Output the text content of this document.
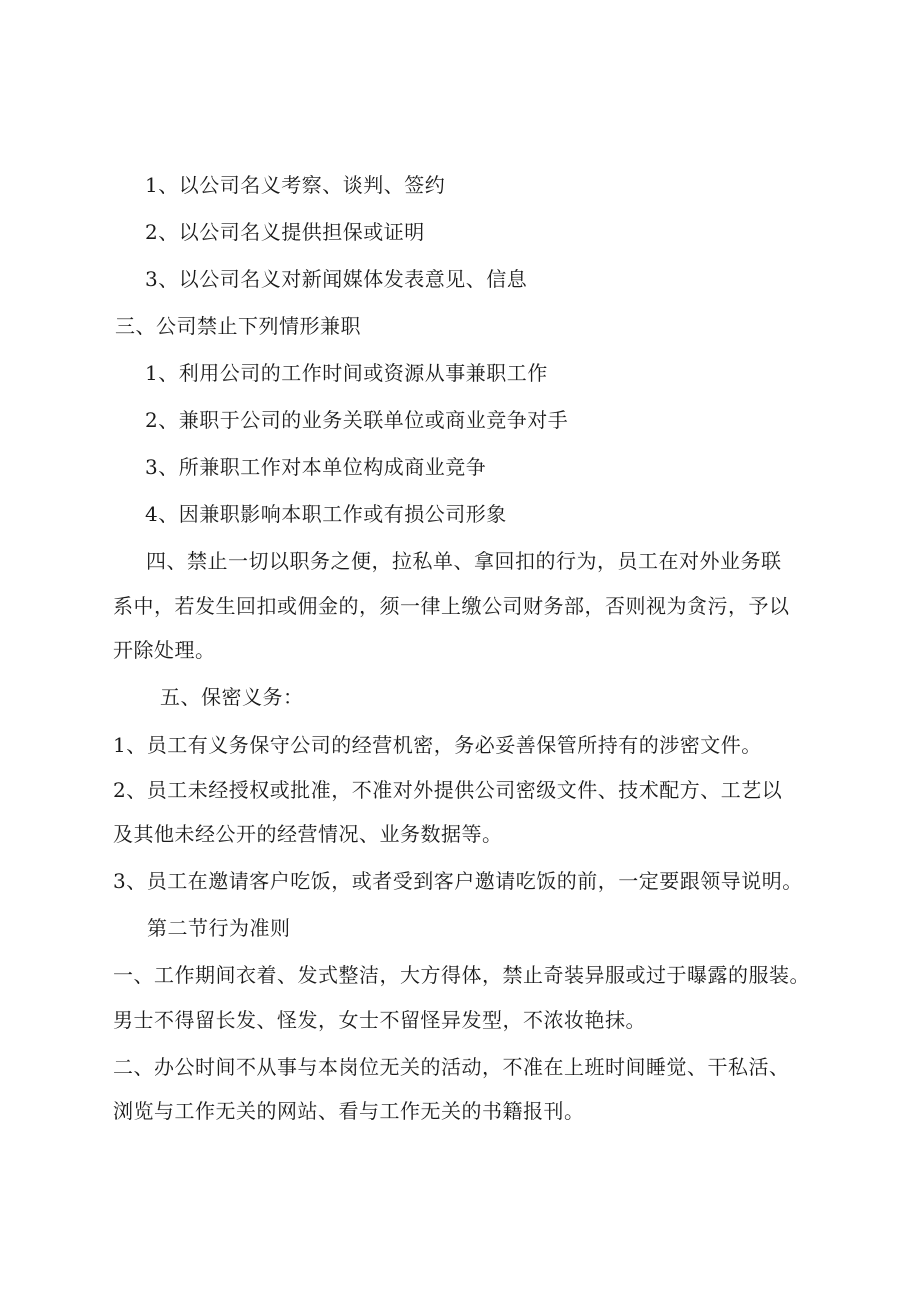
1、以公司名义考察、谈判、签约
2、以公司名义提供担保或证明
3、以公司名义对新闻媒体发表意见、信息
三、公司禁止下列情形兼职
1、利用公司的工作时间或资源从事兼职工作
2、兼职于公司的业务关联单位或商业竞争对手
3、所兼职工作对本单位构成商业竞争
4、因兼职影响本职工作或有损公司形象
四、禁止一切以职务之便，拉私单、拿回扣的行为，员工在对外业务联
系中，若发生回扣或佣金的，须一律上缴公司财务部，否则视为贪污，予以
开除处理。
五、保密义务：
1、员工有义务保守公司的经营机密，务必妥善保管所持有的涉密文件。
2、员工未经授权或批准，不准对外提供公司密级文件、技术配方、工艺以
及其他未经公开的经营情况、业务数据等。
3、员工在邀请客户吃饭，或者受到客户邀请吃饭的前，一定要跟领导说明。
第二节行为准则
一、工作期间衣着、发式整洁，大方得体，禁止奇装异服或过于曝露的服装。
男士不得留长发、怪发，女士不留怪异发型，不浓妆艳抹。
二、办公时间不从事与本岗位无关的活动，不准在上班时间睡觉、干私活、
浏览与工作无关的网站、看与工作无关的书籍报刊。
